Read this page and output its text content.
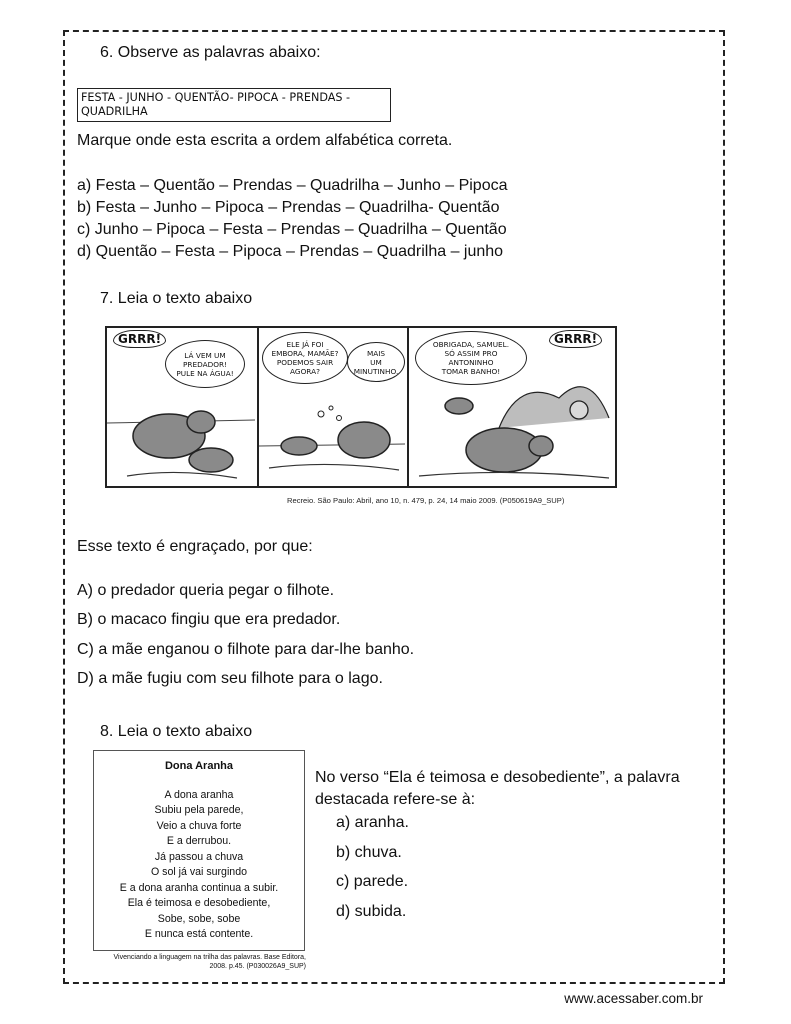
6. Observe as palavras abaixo:
FESTA - JUNHO - QUENTÃO- PIPOCA - PRENDAS - QUADRILHA
Marque onde esta escrita a ordem alfabética correta.
a) Festa – Quentão – Prendas – Quadrilha – Junho – Pipoca
b) Festa – Junho – Pipoca – Prendas – Quadrilha- Quentão
c) Junho – Pipoca – Festa – Prendas – Quadrilha – Quentão
d) Quentão – Festa – Pipoca – Prendas – Quadrilha – junho
7. Leia o texto abaixo
GRRR!
LÁ VEM UM
PREDADOR!
PULE NA ÁGUA!
ELE JÁ FOI
EMBORA, MAMÃE?
PODEMOS SAIR
AGORA?
MAIS
UM
MINUTINHO.
OBRIGADA, SAMUEL.
SÓ ASSIM PRO
ANTONINHO
TOMAR BANHO!
GRRR!
Recreio. São Paulo: Abril, ano 10, n. 479, p. 24, 14 maio 2009. (P050619A9_SUP)
Esse texto é engraçado, por que:
A) o predador queria pegar o filhote.
B) o macaco fingiu que era predador.
C) a mãe enganou o filhote para dar-lhe banho.
D) a mãe fugiu com seu filhote para o lago.
8. Leia o texto abaixo
Dona Aranha
A dona aranha
Subiu pela parede,
Veio a chuva forte
E a derrubou.
Já passou a chuva
O sol já vai surgindo
E a dona aranha continua a subir.
Ela é teimosa e desobediente,
Sobe, sobe, sobe
E nunca está contente.
Vivenciando a linguagem na trilha das palavras. Base Editora,
2008. p.45. (P030026A9_SUP)
No verso “Ela é teimosa e desobediente”, a palavra
destacada refere-se à:
a) aranha.
b) chuva.
c) parede.
d) subida.
www.acessaber.com.br
